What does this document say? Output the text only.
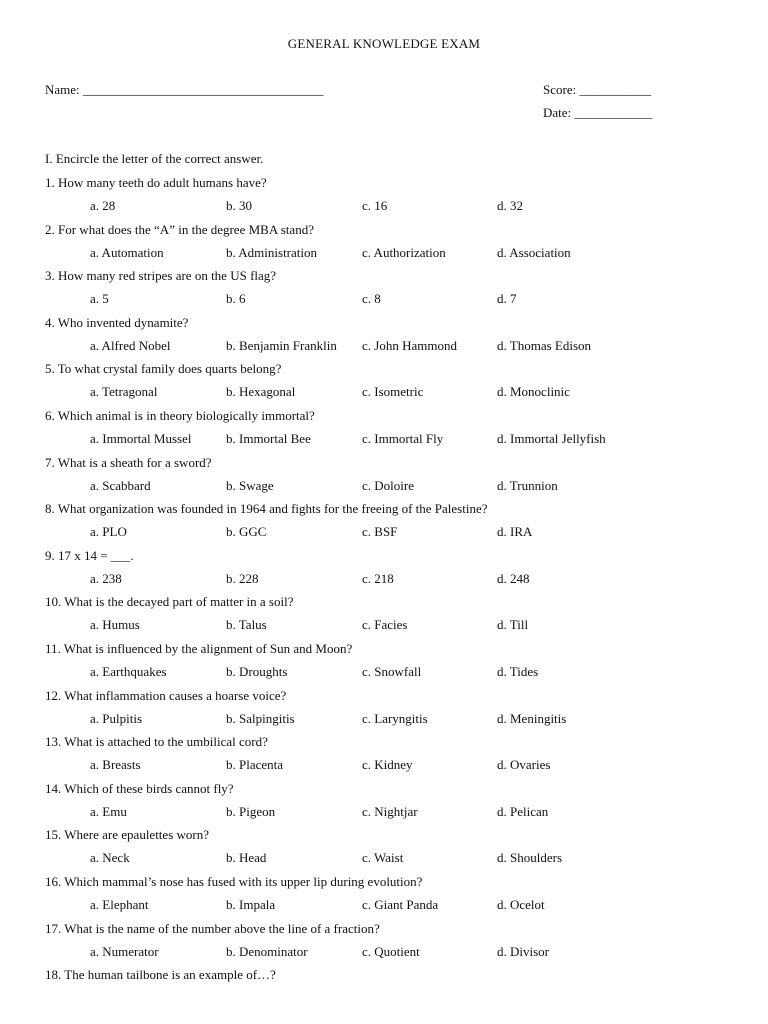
GENERAL KNOWLEDGE EXAM
Name: _____________________________________	Score: ___________
Date: ____________
I. Encircle the letter of the correct answer.
1. How many teeth do adult humans have?
a. 28	b. 30	c. 16	d. 32
2. For what does the “A” in the degree MBA stand?
a. Automation	b. Administration	c. Authorization	d. Association
3. How many red stripes are on the US flag?
a. 5	b. 6	c. 8	d. 7
4. Who invented dynamite?
a. Alfred Nobel	b. Benjamin Franklin c. John Hammond	d. Thomas Edison
5. To what crystal family does quarts belong?
a. Tetragonal	b. Hexagonal	c. Isometric	d. Monoclinic
6. Which animal is in theory biologically immortal?
a. Immortal Mussel	b. Immortal Bee	c. Immortal Fly	d. Immortal Jellyfish
7. What is a sheath for a sword?
a. Scabbard	b. Swage	c. Doloire	d. Trunnion
8. What organization was founded in 1964 and fights for the freeing of the Palestine?
a. PLO	b. GGC	c. BSF	d. IRA
9. 17 x 14 = ___.
a. 238	b. 228	c. 218	d. 248
10. What is the decayed part of matter in a soil?
a. Humus	b. Talus	c. Facies	d. Till
11. What is influenced by the alignment of Sun and Moon?
a. Earthquakes	b. Droughts	c. Snowfall	d. Tides
12. What inflammation causes a hoarse voice?
a. Pulpitis	b. Salpingitis	c. Laryngitis	d. Meningitis
13. What is attached to the umbilical cord?
a. Breasts	b. Placenta	c. Kidney	d. Ovaries
14. Which of these birds cannot fly?
a. Emu	b. Pigeon	c. Nightjar	d. Pelican
15. Where are epaulettes worn?
a. Neck	b. Head	c. Waist	d. Shoulders
16. Which mammal’s nose has fused with its upper lip during evolution?
a. Elephant	b. Impala	c. Giant Panda	d. Ocelot
17. What is the name of the number above the line of a fraction?
a. Numerator	b. Denominator	c. Quotient	d. Divisor
18. The human tailbone is an example of…?
